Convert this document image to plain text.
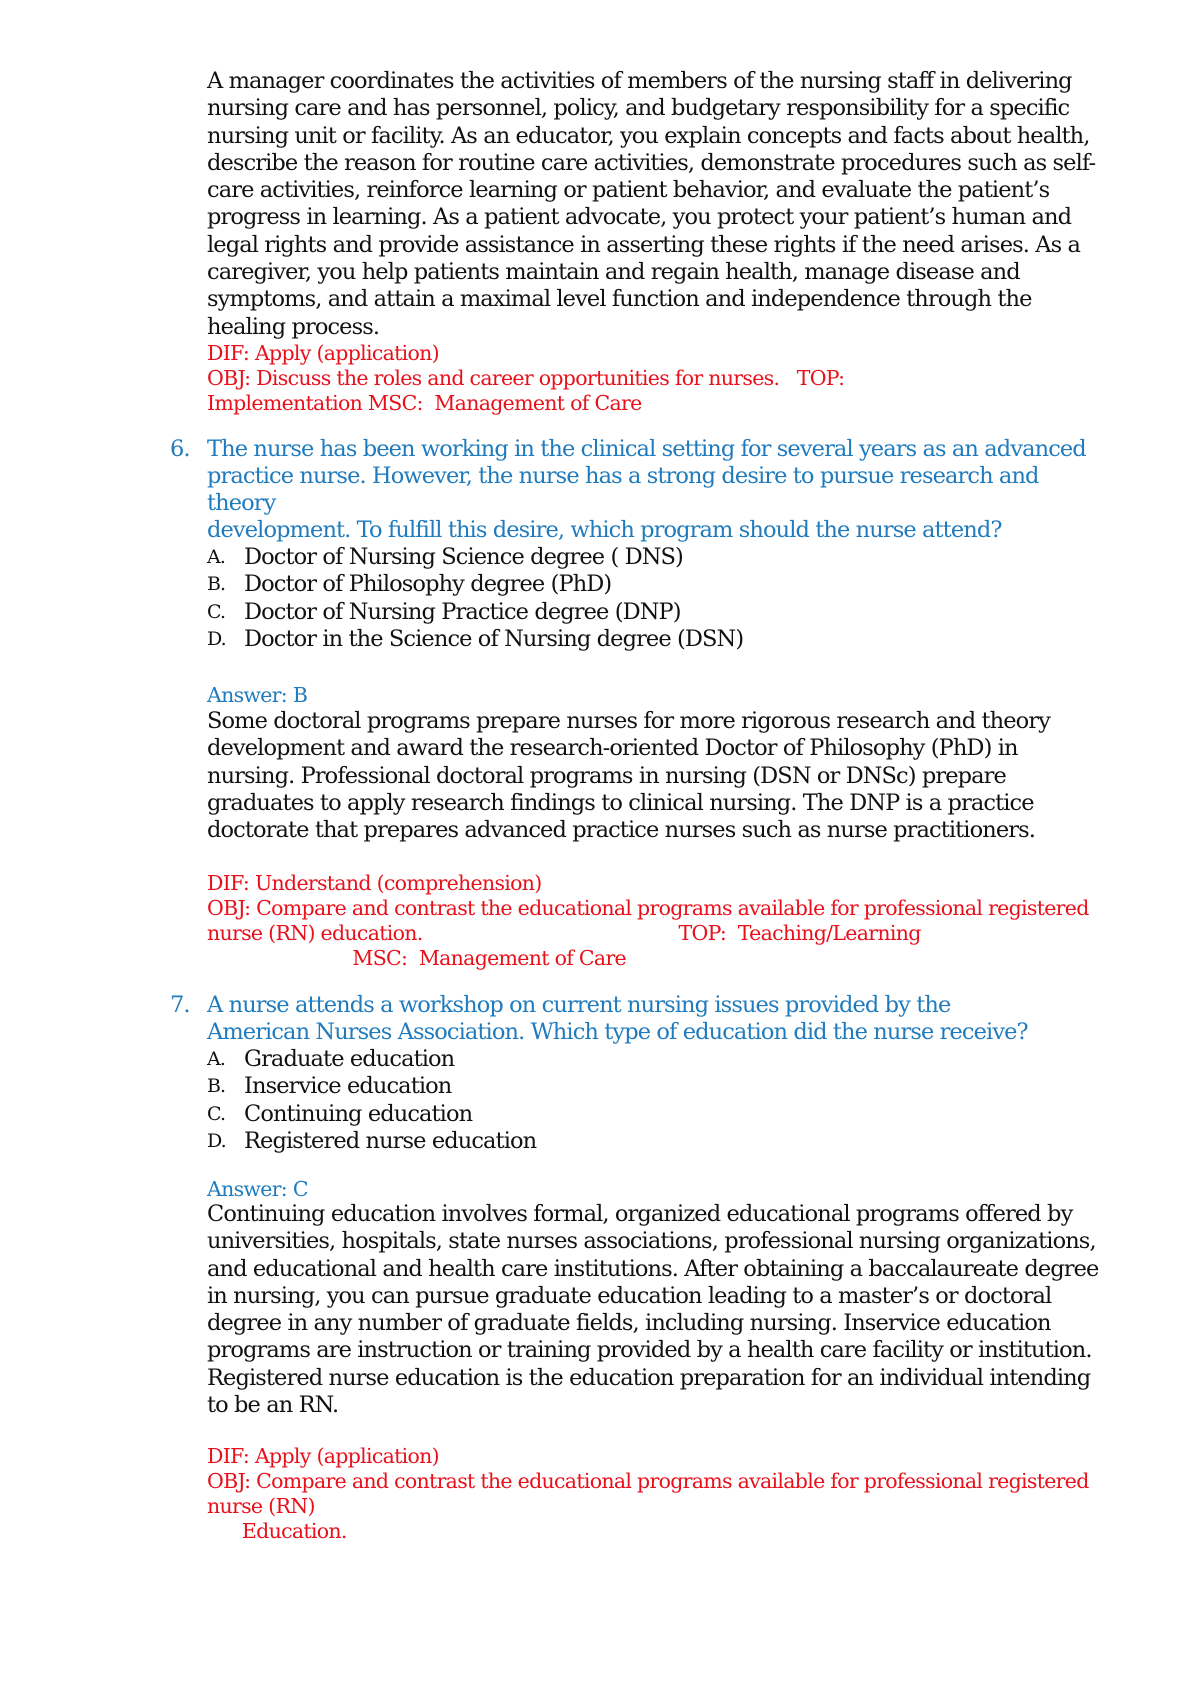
A manager coordinates the activities of members of the nursing staff in delivering
nursing care and has personnel, policy, and budgetary responsibility for a specific
nursing unit or facility. As an educator, you explain concepts and facts about health,
describe the reason for routine care activities, demonstrate procedures such as self-
care activities, reinforce learning or patient behavior, and evaluate the patient’s
progress in learning. As a patient advocate, you protect your patient’s human and
legal rights and provide assistance in asserting these rights if the need arises. As a
caregiver, you help patients maintain and regain health, manage disease and
symptoms, and attain a maximal level function and independence through the
healing process.
DIF: Apply (application)
OBJ: Discuss the roles and career opportunities for nurses.   TOP:
Implementation MSC:  Management of Care
6. The nurse has been working in the clinical setting for several years as an advanced
practice nurse. However, the nurse has a strong desire to pursue research and theory
development. To fulfill this desire, which program should the nurse attend?
A. Doctor of Nursing Science degree ( DNS)
B. Doctor of Philosophy degree (PhD)
C. Doctor of Nursing Practice degree (DNP)
D. Doctor in the Science of Nursing degree (DSN)
Answer: B
Some doctoral programs prepare nurses for more rigorous research and theory
development and award the research-oriented Doctor of Philosophy (PhD) in
nursing. Professional doctoral programs in nursing (DSN or DNSc) prepare
graduates to apply research findings to clinical nursing. The DNP is a practice
doctorate that prepares advanced practice nurses such as nurse practitioners.
DIF: Understand (comprehension)
OBJ: Compare and contrast the educational programs available for professional registered
nurse (RN) education.                                            TOP:  Teaching/Learning
MSC:  Management of Care
7. A nurse attends a workshop on current nursing issues provided by the
American Nurses Association. Which type of education did the nurse receive?
A. Graduate education
B. Inservice education
C. Continuing education
D. Registered nurse education
Answer: C
Continuing education involves formal, organized educational programs offered by
universities, hospitals, state nurses associations, professional nursing organizations,
and educational and health care institutions. After obtaining a baccalaureate degree
in nursing, you can pursue graduate education leading to a master’s or doctoral
degree in any number of graduate fields, including nursing. Inservice education
programs are instruction or training provided by a health care facility or institution.
Registered nurse education is the education preparation for an individual intending
to be an RN.
DIF: Apply (application)
OBJ: Compare and contrast the educational programs available for professional registered
nurse (RN)
Education.
